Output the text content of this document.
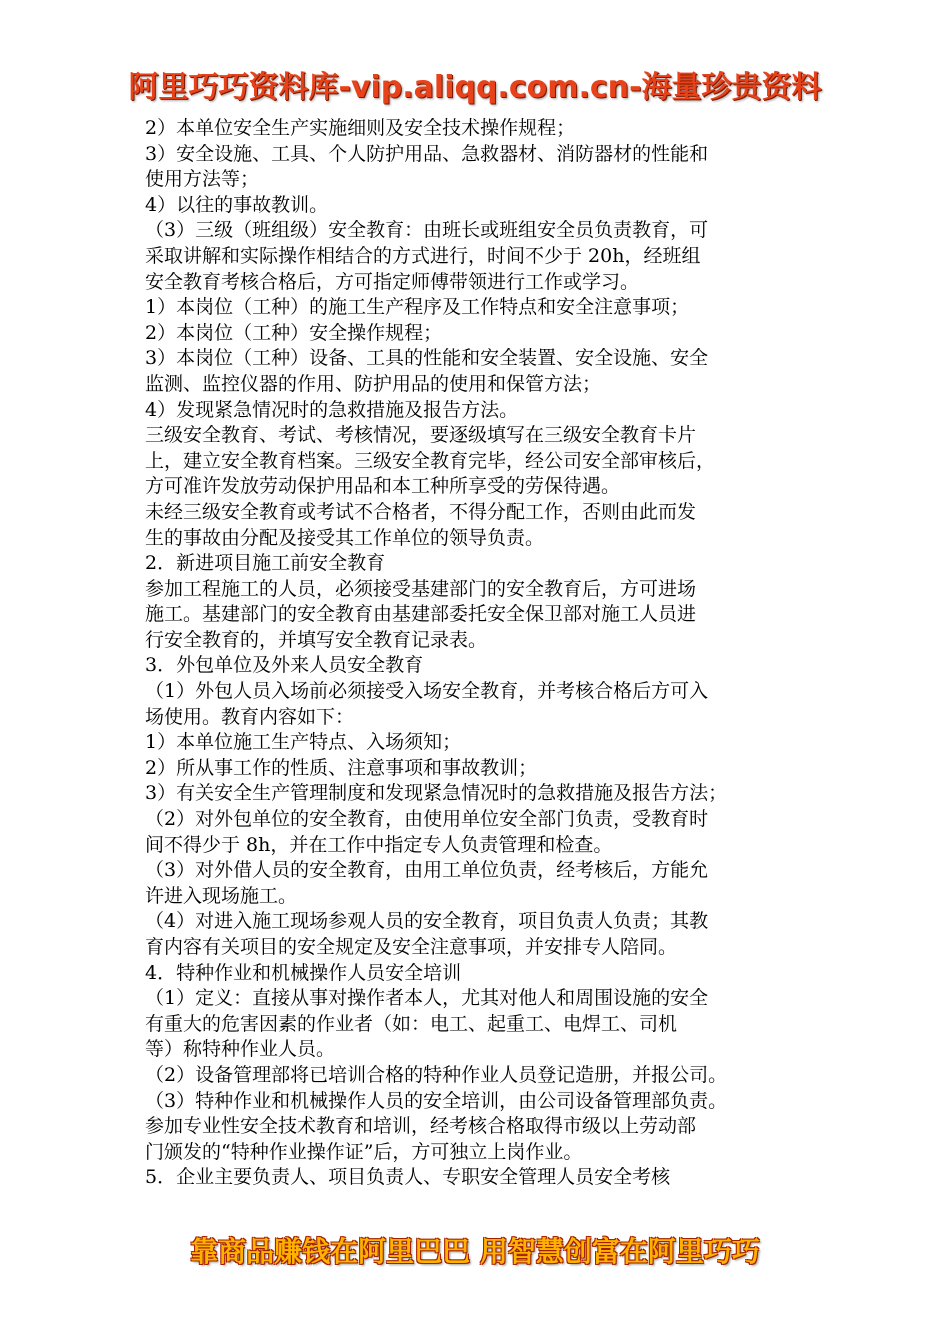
阿里巧巧资料库-vip.aliqq.com.cn-海量珍贵资料
2）本单位安全生产实施细则及安全技术操作规程；
3）安全设施、工具、个人防护用品、急救器材、消防器材的性能和
使用方法等；
4）以往的事故教训。
（3）三级（班组级）安全教育：由班长或班组安全员负责教育，可
采取讲解和实际操作相结合的方式进行，时间不少于 20h，经班组
安全教育考核合格后，方可指定师傅带领进行工作或学习。
1）本岗位（工种）的施工生产程序及工作特点和安全注意事项；
2）本岗位（工种）安全操作规程；
3）本岗位（工种）设备、工具的性能和安全装置、安全设施、安全
监测、监控仪器的作用、防护用品的使用和保管方法；
4）发现紧急情况时的急救措施及报告方法。
三级安全教育、考试、考核情况，要逐级填写在三级安全教育卡片
上，建立安全教育档案。三级安全教育完毕，经公司安全部审核后，
方可准许发放劳动保护用品和本工种所享受的劳保待遇。
未经三级安全教育或考试不合格者，不得分配工作，否则由此而发
生的事故由分配及接受其工作单位的领导负责。
2．新进项目施工前安全教育
参加工程施工的人员，必须接受基建部门的安全教育后，方可进场
施工。基建部门的安全教育由基建部委托安全保卫部对施工人员进
行安全教育的，并填写安全教育记录表。
3．外包单位及外来人员安全教育
（1）外包人员入场前必须接受入场安全教育，并考核合格后方可入
场使用。教育内容如下：
1）本单位施工生产特点、入场须知；
2）所从事工作的性质、注意事项和事故教训；
3）有关安全生产管理制度和发现紧急情况时的急救措施及报告方法；
（2）对外包单位的安全教育，由使用单位安全部门负责，受教育时
间不得少于 8h，并在工作中指定专人负责管理和检查。
（3）对外借人员的安全教育，由用工单位负责，经考核后，方能允
许进入现场施工。
（4）对进入施工现场参观人员的安全教育，项目负责人负责；其教
育内容有关项目的安全规定及安全注意事项，并安排专人陪同。
4．特种作业和机械操作人员安全培训
（1）定义：直接从事对操作者本人，尤其对他人和周围设施的安全
有重大的危害因素的作业者（如：电工、起重工、电焊工、司机
等）称特种作业人员。
（2）设备管理部将已培训合格的特种作业人员登记造册，并报公司。
（3）特种作业和机械操作人员的安全培训，由公司设备管理部负责。
参加专业性安全技术教育和培训，经考核合格取得市级以上劳动部
门颁发的“特种作业操作证”后，方可独立上岗作业。
5．企业主要负责人、项目负责人、专职安全管理人员安全考核
靠商品赚钱在阿里巴巴 用智慧创富在阿里巧巧
